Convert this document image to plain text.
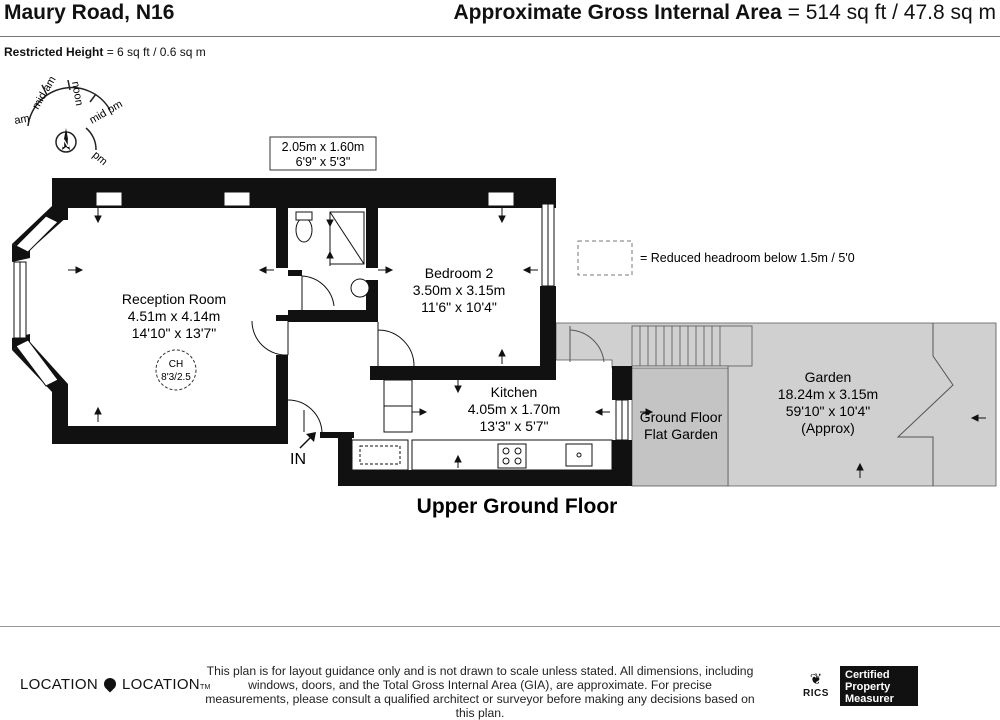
Maury Road, N16	Approximate Gross Internal Area = 514 sq ft / 47.8 sq m
Restricted Height = 6 sq ft / 0.6 sq m
N
noon
mid am
am	mid pm
pm
2.05m x 1.60m
6'9" x 5'3"
= Reduced headroom below 1.5m / 5'0
IN
Reception Room
4.51m x 4.14m
14'10" x 13'7"
CH
8'3/2.5
Bedroom 2
3.50m x 3.15m
11'6" x 10'4"
Kitchen
4.05m x 1.70m
13'3" x 5'7"
Ground Floor
Flat Garden
Garden
18.24m x 3.15m
59'10" x 10'4"
(Approx)
Upper Ground Floor
LOCATION LOCATIONTM
This plan is for layout guidance only and is not drawn to scale unless stated. All dimensions, including windows, doors, and the Total Gross Internal Area (GIA), are approximate. For precise measurements, please consult a qualified architect or surveyor before making any decisions based on this plan.
❦
RICS
Certified
Property
Measurer
